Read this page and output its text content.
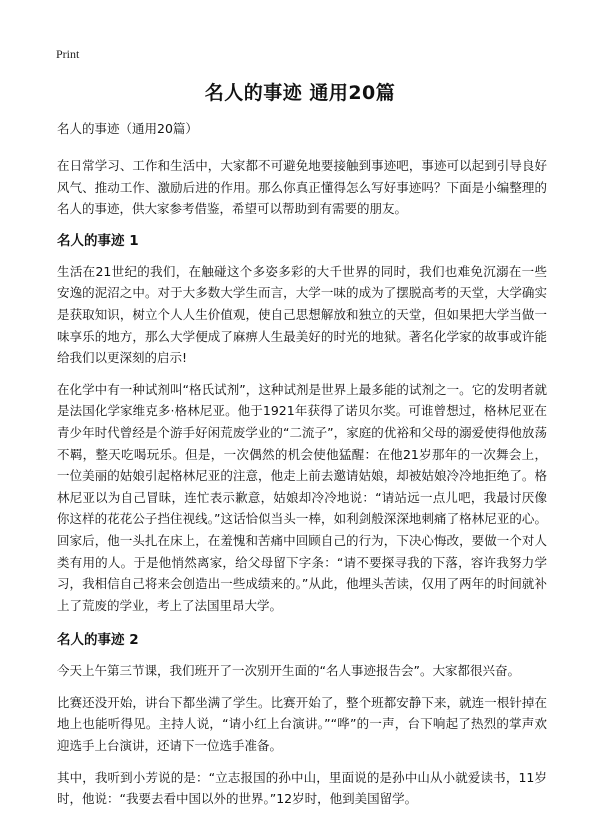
Print
名人的事迹 通用20篇

名人的事迹（通用20篇）

在日常学习、工作和生活中，大家都不可避免地要接触到事迹吧，事迹可以起到引导良好风气、推动工作、激励后进的作用。那么你真正懂得怎么写好事迹吗？下面是小编整理的名人的事迹，供大家参考借鉴，希望可以帮助到有需要的朋友。

名人的事迹 1

生活在21世纪的我们，在触碰这个多姿多彩的大千世界的同时，我们也难免沉溺在一些安逸的泥沼之中。对于大多数大学生而言，大学一味的成为了摆脱高考的天堂，大学确实是获取知识，树立个人人生价值观，使自己思想解放和独立的天堂，但如果把大学当做一味享乐的地方，那么大学便成了麻痹人生最美好的时光的地狱。著名化学家的故事或许能给我们以更深刻的启示!

在化学中有一种试剂叫“格氏试剂”，这种试剂是世界上最多能的试剂之一。它的发明者就是法国化学家维克多·格林尼亚。他于1921年获得了诺贝尔奖。可谁曾想过，格林尼亚在青少年时代曾经是个游手好闲荒废学业的“二流子”，家庭的优裕和父母的溺爱使得他放荡不羁，整天吃喝玩乐。但是，一次偶然的机会使他猛醒：在他21岁那年的一次舞会上，一位美丽的姑娘引起格林尼亚的注意，他走上前去邀请姑娘，却被姑娘冷冷地拒绝了。格林尼亚以为自己冒昧，连忙表示歉意，姑娘却冷冷地说：“请站远一点儿吧，我最讨厌像你这样的花花公子挡住视线。”这话恰似当头一棒，如利剑般深深地刺痛了格林尼亚的心。回家后，他一头扎在床上，在羞愧和苦痛中回顾自己的行为，下决心悔改，要做一个对人类有用的人。于是他悄然离家，给父母留下字条：“请不要探寻我的下落，容许我努力学习，我相信自己将来会创造出一些成绩来的。”从此，他埋头苦读，仅用了两年的时间就补上了荒废的学业，考上了法国里昂大学。

名人的事迹 2

今天上午第三节课，我们班开了一次别开生面的“名人事迹报告会”。大家都很兴奋。

比赛还没开始，讲台下都坐满了学生。比赛开始了，整个班都安静下来，就连一根针掉在地上也能听得见。主持人说，“请小红上台演讲。”“哗”的一声，台下响起了热烈的掌声欢迎选手上台演讲，还请下一位选手准备。

其中，我听到小芳说的是：“立志报国的孙中山，里面说的是孙中山从小就爱读书，11岁时，他说：“我要去看中国以外的世界。”12岁时，他到美国留学。
